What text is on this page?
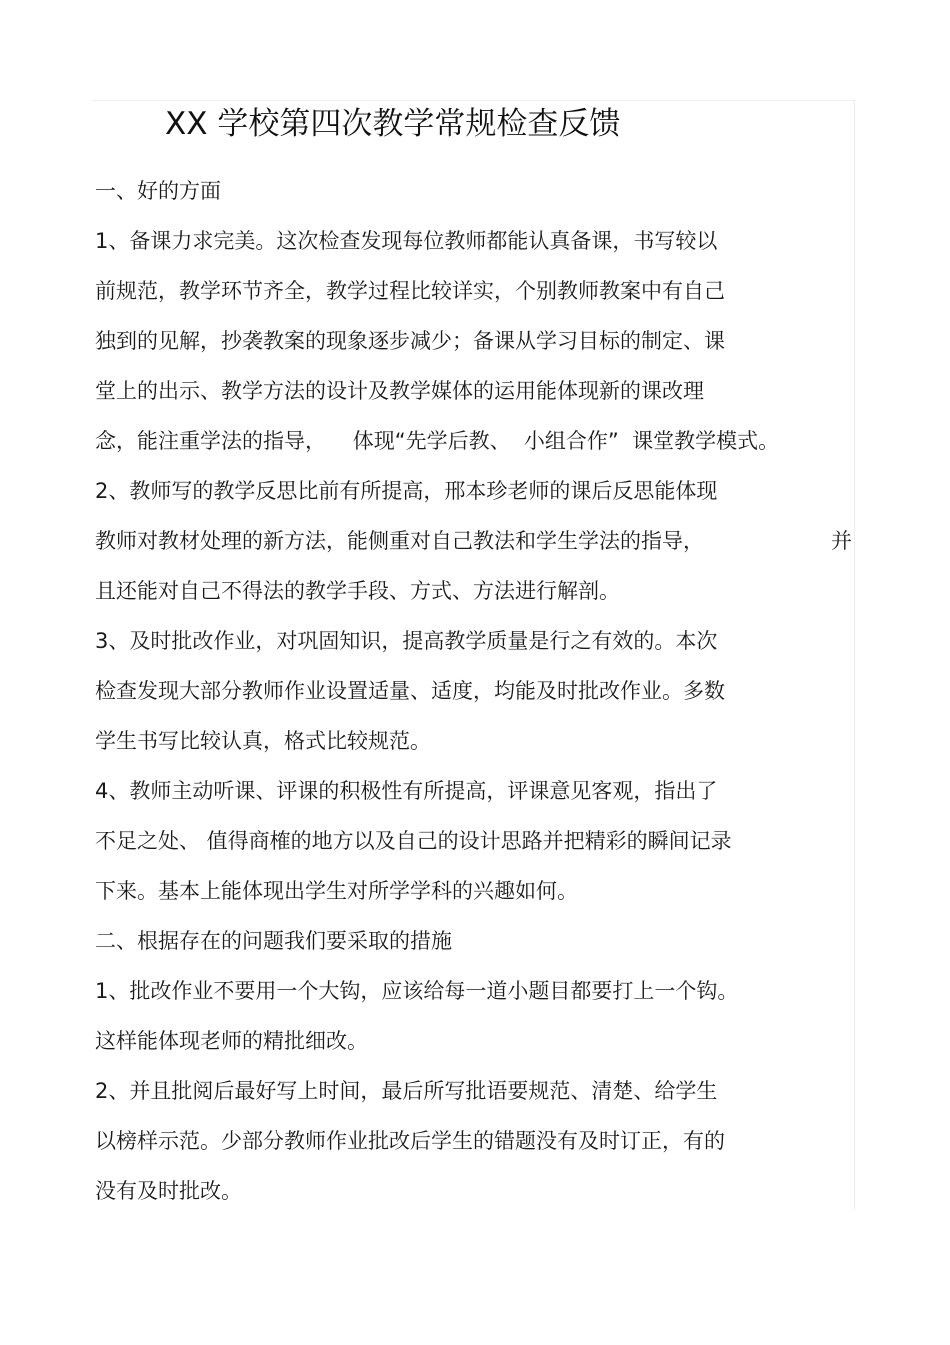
XX 学校第四次教学常规检查反馈

一、好的方面

1、备课力求完美。这次检查发现每位教师都能认真备课，书写较以

前规范，教学环节齐全，教学过程比较详实，个别教师教案中有自己

独到的见解，抄袭教案的现象逐步减少；备课从学习目标的制定、课

堂上的出示、教学方法的设计及教学媒体的运用能体现新的课改理

念，能注重学法的指导，    体现“先学后教、  小组合作”  课堂教学模式。

2、教师写的教学反思比前有所提高，邢本珍老师的课后反思能体现

教师对教材处理的新方法，能侧重对自己教法和学生学法的指导，	并

且还能对自己不得法的教学手段、方式、方法进行解剖。

3、及时批改作业，对巩固知识，提高教学质量是行之有效的。本次

检查发现大部分教师作业设置适量、适度，均能及时批改作业。多数

学生书写比较认真，格式比较规范。

4、教师主动听课、评课的积极性有所提高，评课意见客观，指出了

不足之处、 值得商榷的地方以及自己的设计思路并把精彩的瞬间记录

下来。基本上能体现出学生对所学学科的兴趣如何。

二、根据存在的问题我们要采取的措施

1、批改作业不要用一个大钩，应该给每一道小题目都要打上一个钩。

这样能体现老师的精批细改。

2、并且批阅后最好写上时间，最后所写批语要规范、清楚、给学生

以榜样示范。少部分教师作业批改后学生的错题没有及时订正，有的

没有及时批改。
